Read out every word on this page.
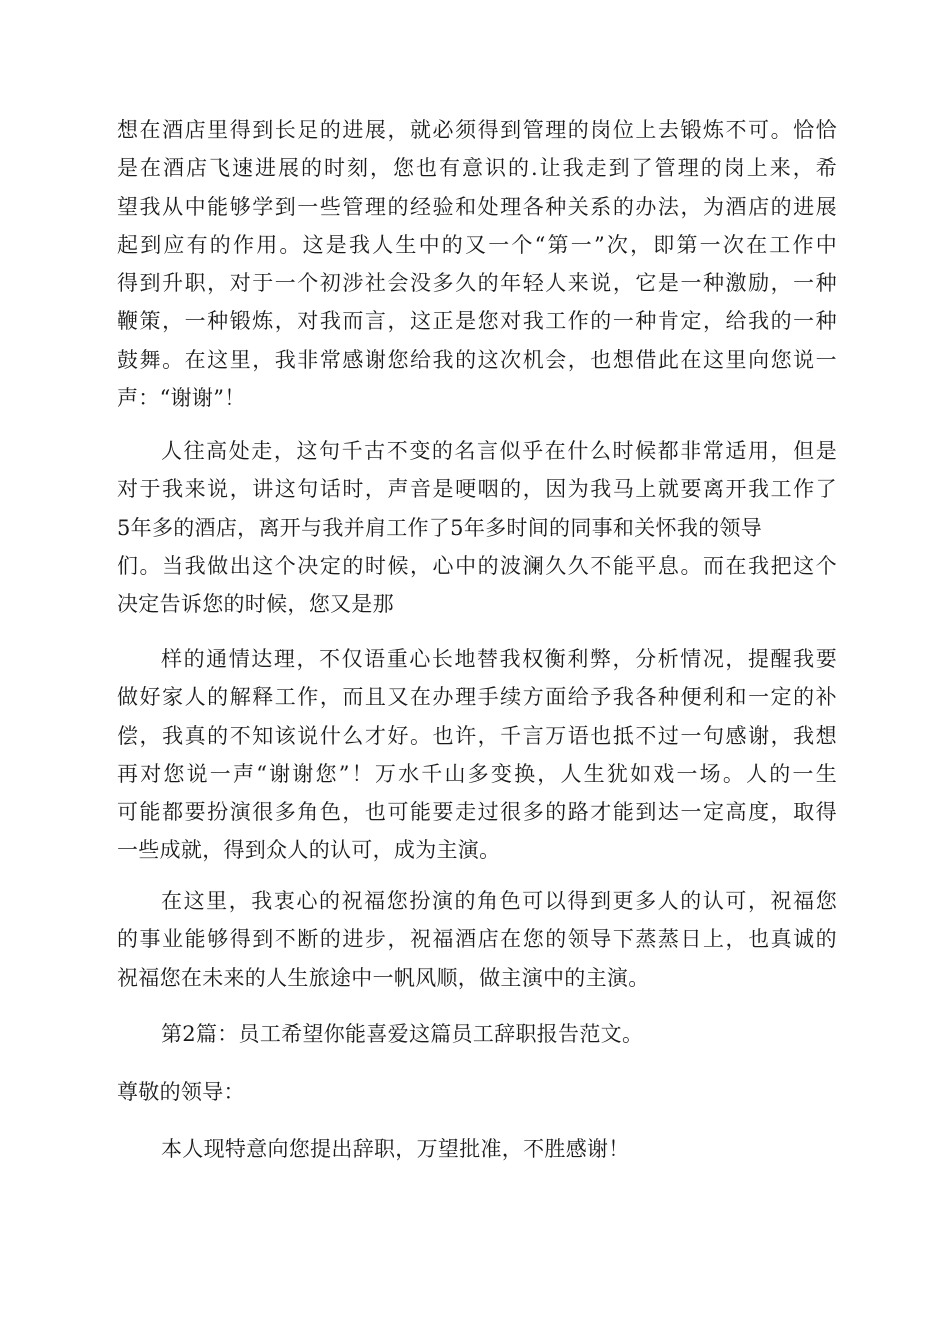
想在酒店里得到长足的进展，就必须得到管理的岗位上去锻炼不可。恰恰
是在酒店飞速进展的时刻，您也有意识的.让我走到了管理的岗上来，希
望我从中能够学到一些管理的经验和处理各种关系的办法，为酒店的进展
起到应有的作用。这是我人生中的又一个“第一”次，即第一次在工作中
得到升职，对于一个初涉社会没多久的年轻人来说，它是一种激励，一种
鞭策，一种锻炼，对我而言，这正是您对我工作的一种肯定，给我的一种
鼓舞。在这里，我非常感谢您给我的这次机会，也想借此在这里向您说一
声：“谢谢”！
人往高处走，这句千古不变的名言似乎在什么时候都非常适用，但是
对于我来说，讲这句话时，声音是哽咽的，因为我马上就要离开我工作了
5年多的酒店，离开与我并肩工作了5年多时间的同事和关怀我的领导
们。当我做出这个决定的时候，心中的波澜久久不能平息。而在我把这个
决定告诉您的时候，您又是那
样的通情达理，不仅语重心长地替我权衡利弊，分析情况，提醒我要
做好家人的解释工作，而且又在办理手续方面给予我各种便利和一定的补
偿，我真的不知该说什么才好。也许，千言万语也抵不过一句感谢，我想
再对您说一声“谢谢您”！万水千山多变换，人生犹如戏一场。人的一生
可能都要扮演很多角色，也可能要走过很多的路才能到达一定高度，取得
一些成就，得到众人的认可，成为主演。
在这里，我衷心的祝福您扮演的角色可以得到更多人的认可，祝福您
的事业能够得到不断的进步，祝福酒店在您的领导下蒸蒸日上，也真诚的
祝福您在未来的人生旅途中一帆风顺，做主演中的主演。
第2篇：员工希望你能喜爱这篇员工辞职报告范文。
尊敬的领导：
本人现特意向您提出辞职，万望批准，不胜感谢！
